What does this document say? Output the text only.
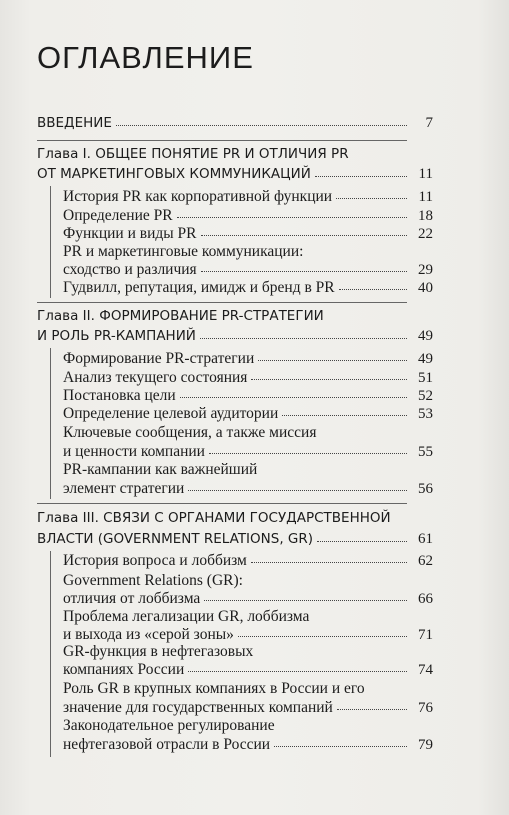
ОГЛАВЛЕНИЕ
ВВЕДЕНИЕ	7
Глава I. ОБЩЕЕ ПОНЯТИЕ PR И ОТЛИЧИЯ PR
ОТ МАРКЕТИНГОВЫХ КОММУНИКАЦИЙ	11
История PR как корпоративной функции	11
Определение PR	18
Функции и виды PR	22
PR и маркетинговые коммуникации:
сходство и различия	29
Гудвилл, репутация, имидж и бренд в PR	40
Глава II. ФОРМИРОВАНИЕ PR-СТРАТЕГИИ
И РОЛЬ PR-КАМПАНИЙ	49
Формирование PR-стратегии	49
Анализ текущего состояния	51
Постановка цели	52
Определение целевой аудитории	53
Ключевые сообщения, а также миссия
и ценности компании	55
PR-кампании как важнейший
элемент стратегии	56
Глава III. СВЯЗИ С ОРГАНАМИ ГОСУДАРСТВЕННОЙ
ВЛАСТИ (GOVERNMENT RELATIONS, GR)	61
История вопроса и лоббизм	62
Government Relations (GR):
отличия от лоббизма	66
Проблема легализации GR, лоббизма
и выхода из «серой зоны»	71
GR-функция в нефтегазовых
компаниях России	74
Роль GR в крупных компаниях в России и его
значение для государственных компаний	76
Законодательное регулирование
нефтегазовой отрасли в России	79
